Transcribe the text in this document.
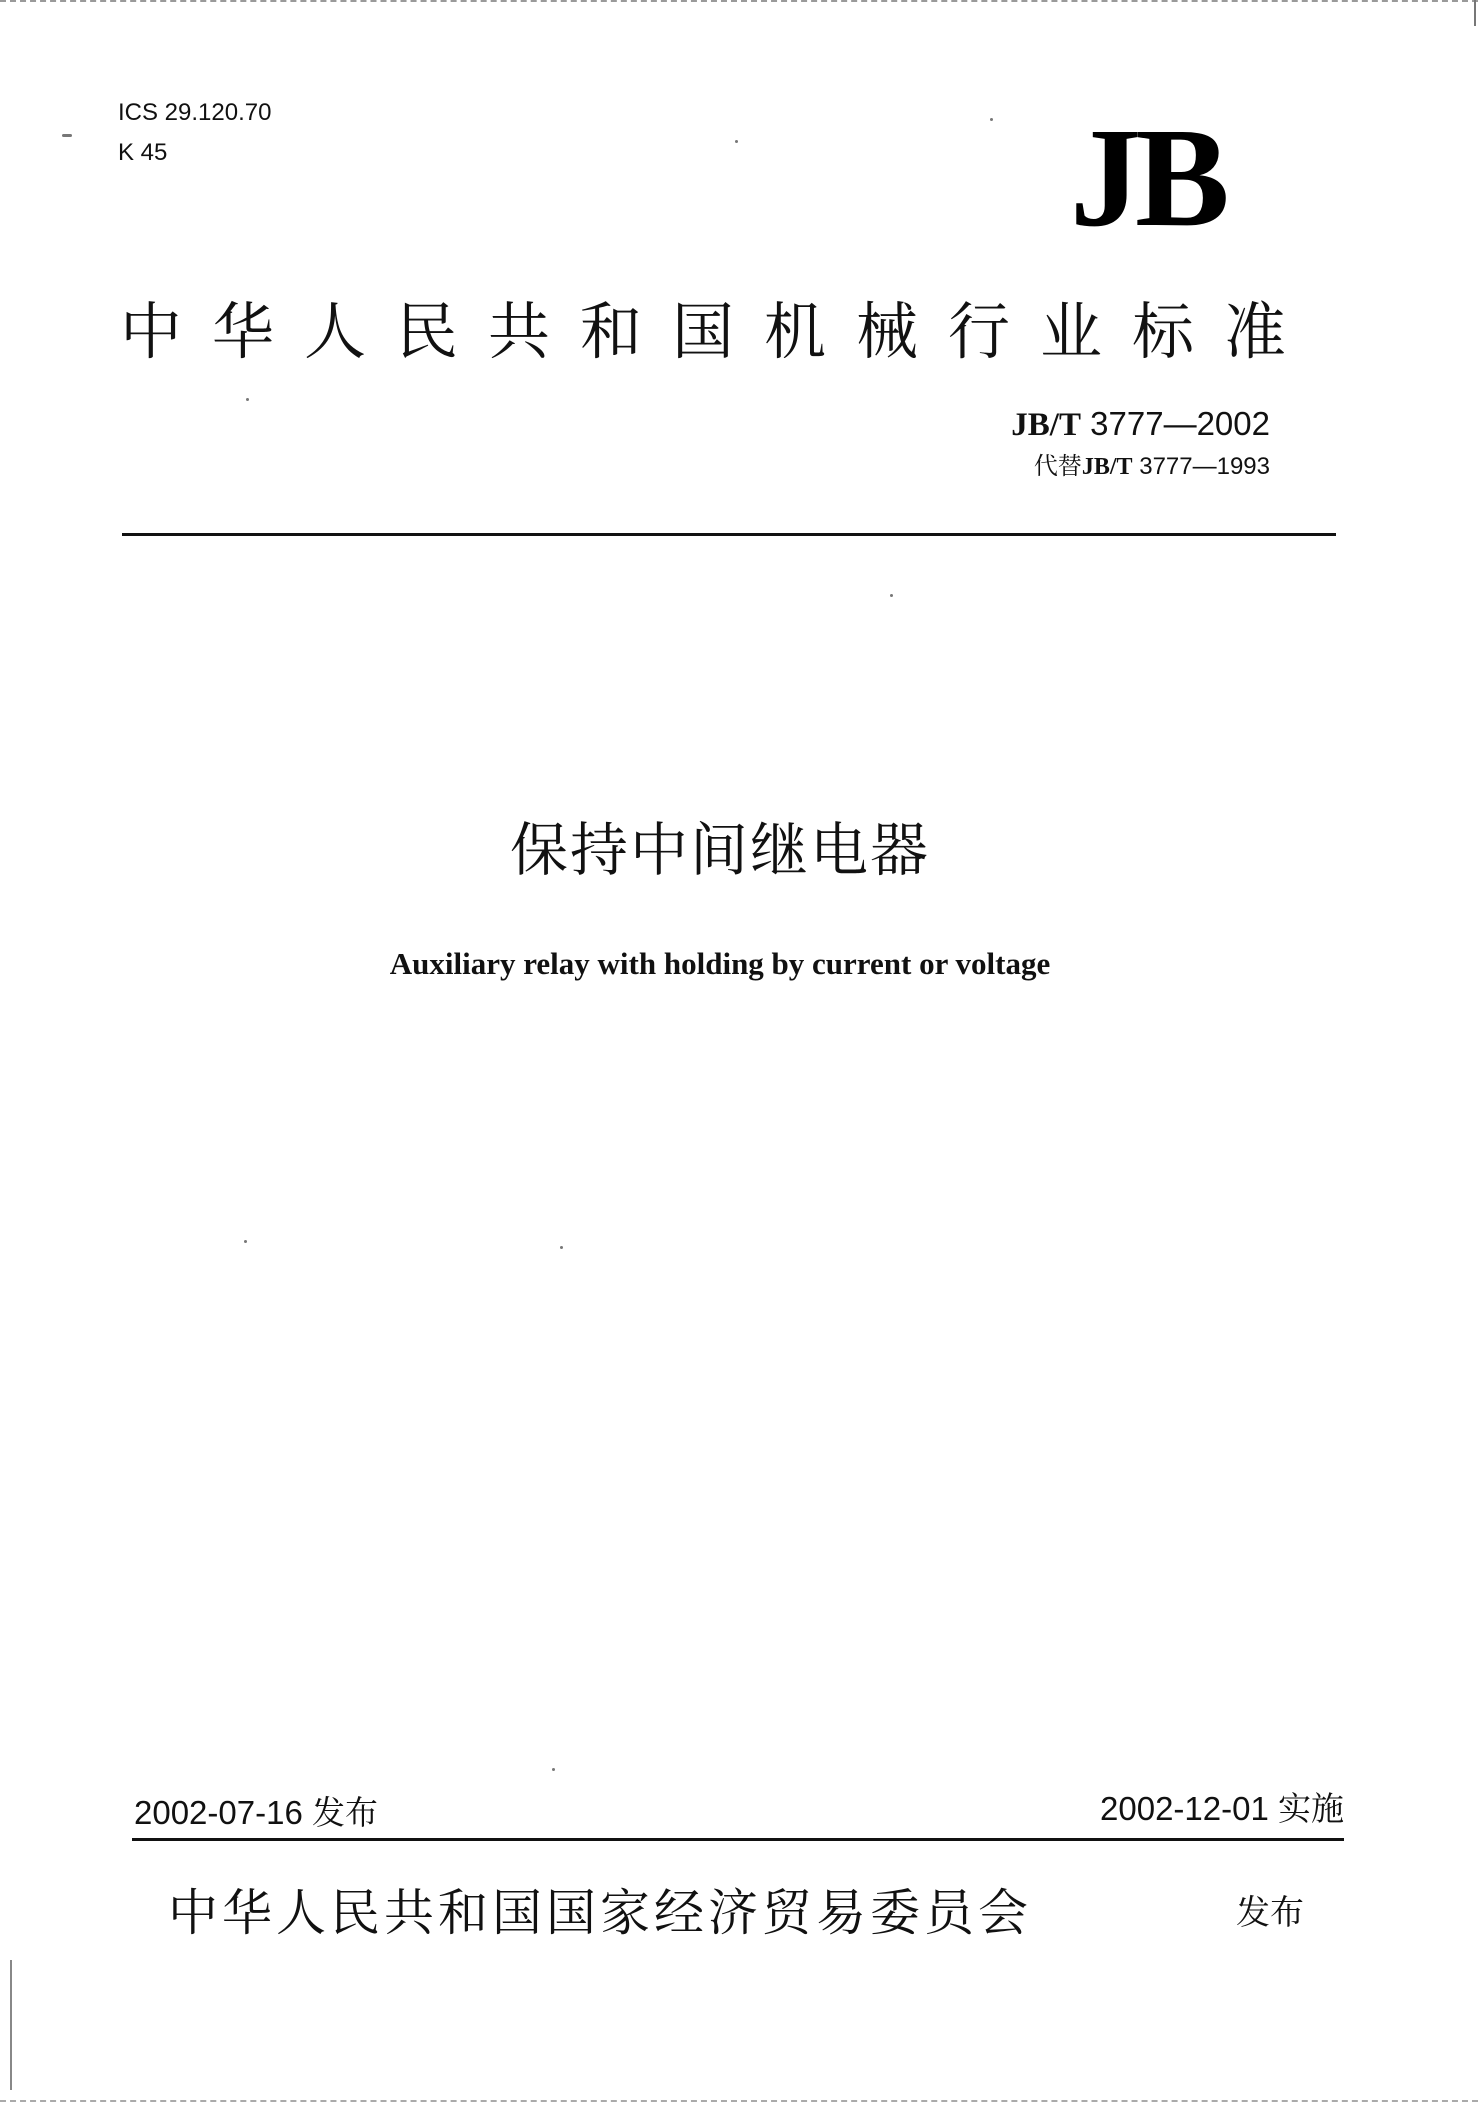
ICS 29.120.70
K 45	JB
中华人民共和国机械行业标准
JB/T 3777—2002
代替JB/T 3777—1993
保持中间继电器
Auxiliary relay with holding by current or voltage
2002-07-16 发布	2002-12-01 实施
中华人民共和国国家经济贸易委员会	发布
